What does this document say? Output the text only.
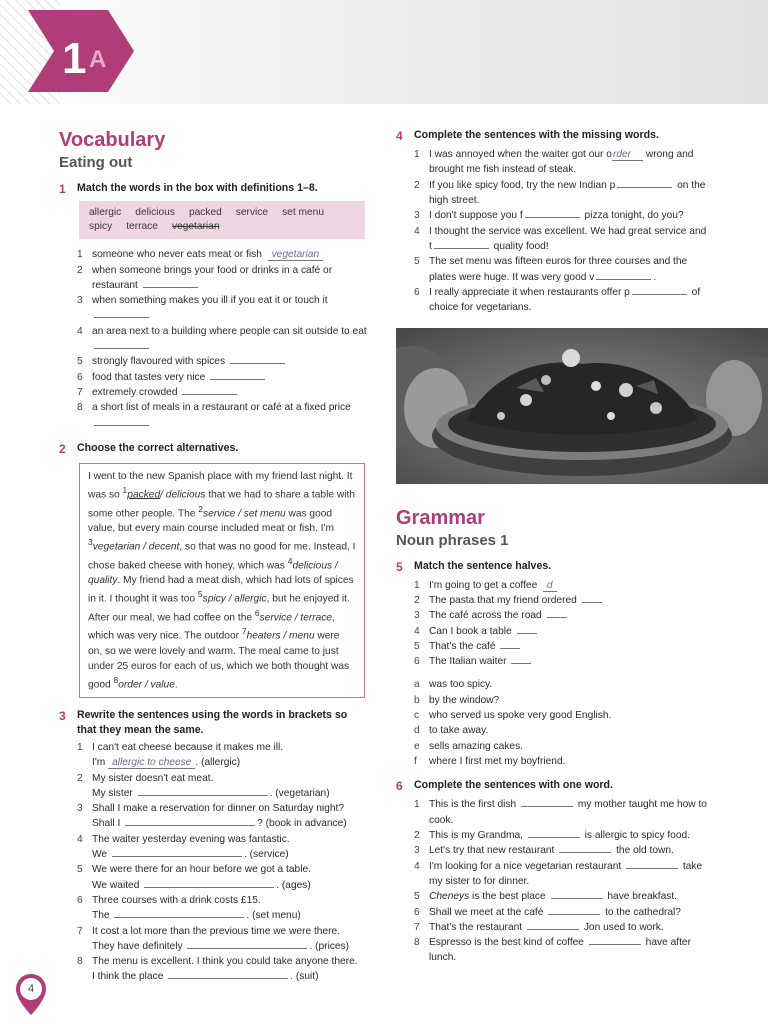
1 A
Vocabulary
Eating out
1	Match the words in the box with definitions 1–8.
allergic delicious packed service set menu
spicy terrace vegetarian
1 someone who never eats meat or fish vegetarian
2 when someone brings your food or drinks in a café or restaurant
3 when something makes you ill if you eat it or touch it

4 an area next to a building where people can sit outside to eat
5 strongly flavoured with spices
6 food that tastes very nice
7 extremely crowded
8 a short list of meals in a restaurant or café at a fixed price
2	Choose the correct alternatives.
I went to the new Spanish place with my friend last night. It was so $^1$packed/ delicious that we had to share a table with some other people. The $^2$service / set menu was good value, but every main course included meat or fish. I'm $^3$vegetarian / decent, so that was no good for me. Instead, I chose baked cheese with honey, which was $^4$delicious / quality. My friend had a meat dish, which had lots of spices in it. I thought it was too $^5$spicy / allergic, but he enjoyed it. After our meal, we had coffee on the $^6$service / terrace, which was very nice. The outdoor $^7$heaters / menu were on, so we were lovely and warm. The meal came to just under 25 euros for each of us, which we both thought was good $^8$order / value.
3	Rewrite the sentences using the words in brackets so that they mean the same.
1 I can't eat cheese because it makes me ill.
I'm allergic to cheese . (allergic)
2 My sister doesn't eat meat.
My sister	. (vegetarian)
3 Shall I make a reservation for dinner on Saturday night?
Shall I	? (book in advance)
4 The waiter yesterday evening was fantastic.
We	. (service)
5 We were there for an hour before we got a table.
We waited	. (ages)
6 Three courses with a drink costs £15.
The	. (set menu)
7 It cost a lot more than the previous time we were there.
They have definitely	. (prices)
8 The menu is excellent. I think you could take anyone there.
I think the place	. (suit)
4	Complete the sentences with the missing words.
1 I was annoyed when the waiter got our order wrong and brought me fish instead of steak.
2 If you like spicy food, try the new Indian p	on the high street.
3 I don't suppose you f	pizza tonight, do you?
4 I thought the service was excellent. We had great service and t	quality food!
5 The set menu was fifteen euros for three courses and the plates were huge. It was very good v	.
6 I really appreciate it when restaurants offer p	of choice for vegetarians.
Grammar
Noun phrases 1
5	Match the sentence halves.
1 I'm going to get a coffee d
2 The pasta that my friend ordered
3 The café across the road
4 Can I book a table
5 That's the café
6 The Italian waiter
a was too spicy.
b by the window?
c who served us spoke very good English.
d to take away.
e sells amazing cakes.
f	where I first met my boyfriend.
6	Complete the sentences with one word.
1 This is the first dish	my mother taught me how to cook.
2 This is my Grandma,	is allergic to spicy food.
3 Let's try that new restaurant	the old town.
4 I'm looking for a nice vegetarian restaurant	take my sister to for dinner.
5 Cheneys is the best place	have breakfast.
6 Shall we meet at the café	to the cathedral?
7 That's the restaurant	Jon used to work.
8 Espresso is the best kind of coffee	have after lunch.
4
